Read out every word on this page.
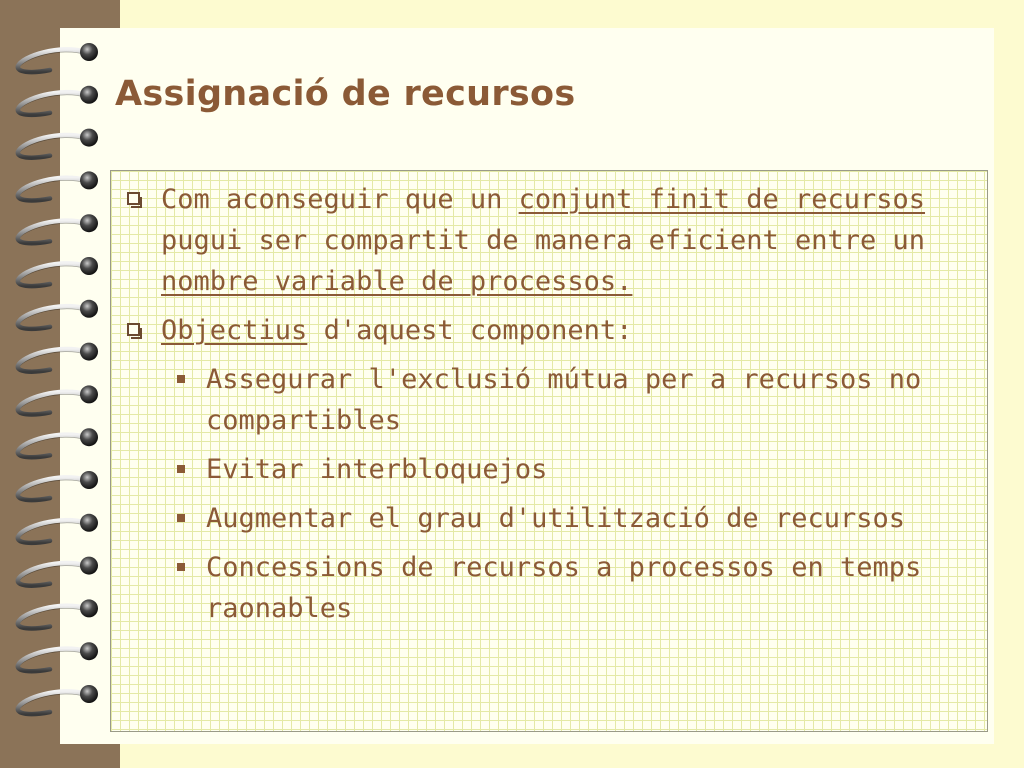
Assignació de recursos
Com aconseguir que un conjunt finit de recursos pugui ser compartit de manera eficient entre un nombre variable de processos.
Objectius d'aquest component:
Assegurar l'exclusió mútua per a recursos no compartibles
Evitar interbloquejos
Augmentar el grau d'utilització de recursos
Concessions de recursos a processos en temps raonables
